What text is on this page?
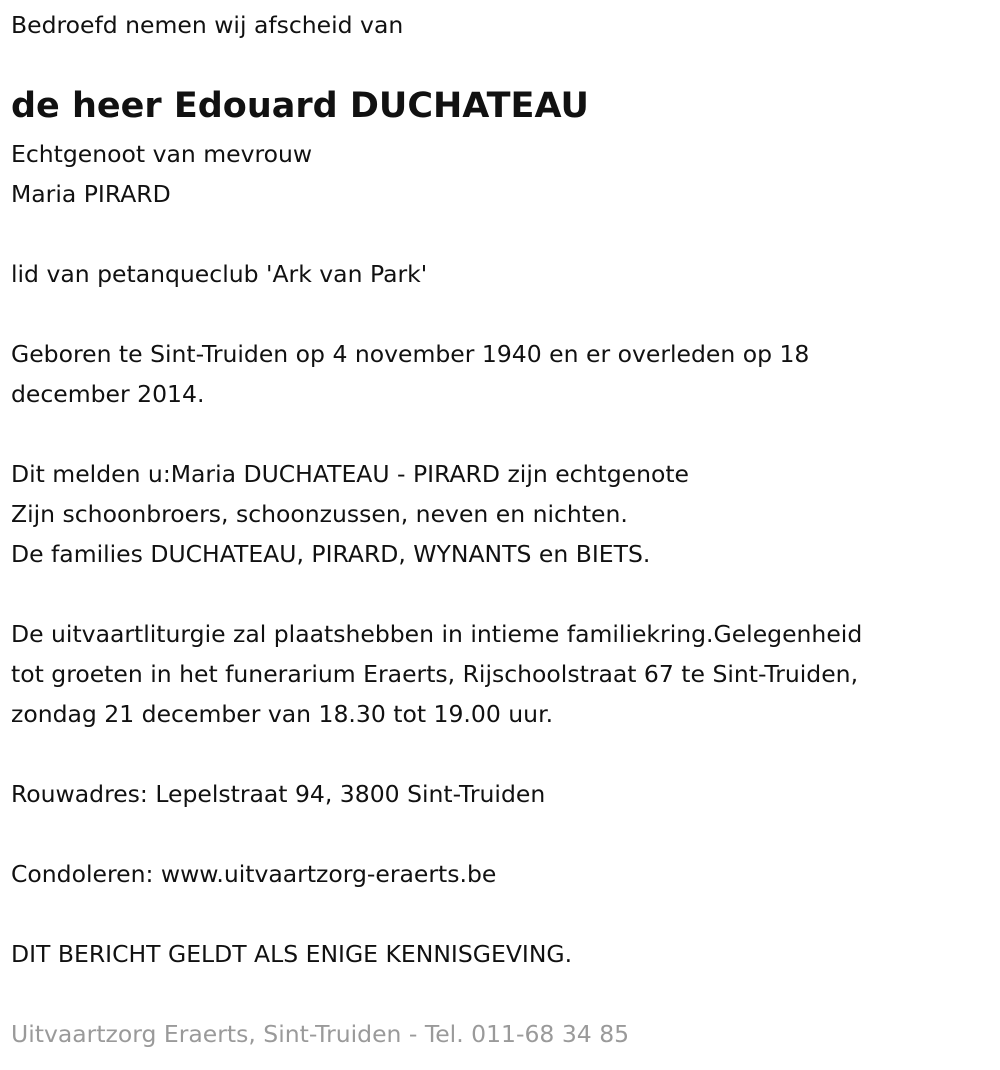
Bedroefd nemen wij afscheid van

de heer Edouard DUCHATEAU

Echtgenoot van mevrouw

Maria PIRARD

lid van petanqueclub 'Ark van Park'

Geboren te Sint-Truiden op 4 november 1940 en er overleden op 18

december 2014.

Dit melden u:Maria DUCHATEAU - PIRARD zijn echtgenote

Zijn schoonbroers, schoonzussen, neven en nichten.

De families DUCHATEAU, PIRARD, WYNANTS en BIETS.

De uitvaartliturgie zal plaatshebben in intieme familiekring.Gelegenheid

tot groeten in het funerarium Eraerts, Rijschoolstraat 67 te Sint-Truiden,

zondag 21 december van 18.30 tot 19.00 uur.

Rouwadres: Lepelstraat 94, 3800 Sint-Truiden

Condoleren: www.uitvaartzorg-eraerts.be

DIT BERICHT GELDT ALS ENIGE KENNISGEVING.

Uitvaartzorg Eraerts, Sint-Truiden - Tel. 011-68 34 85
